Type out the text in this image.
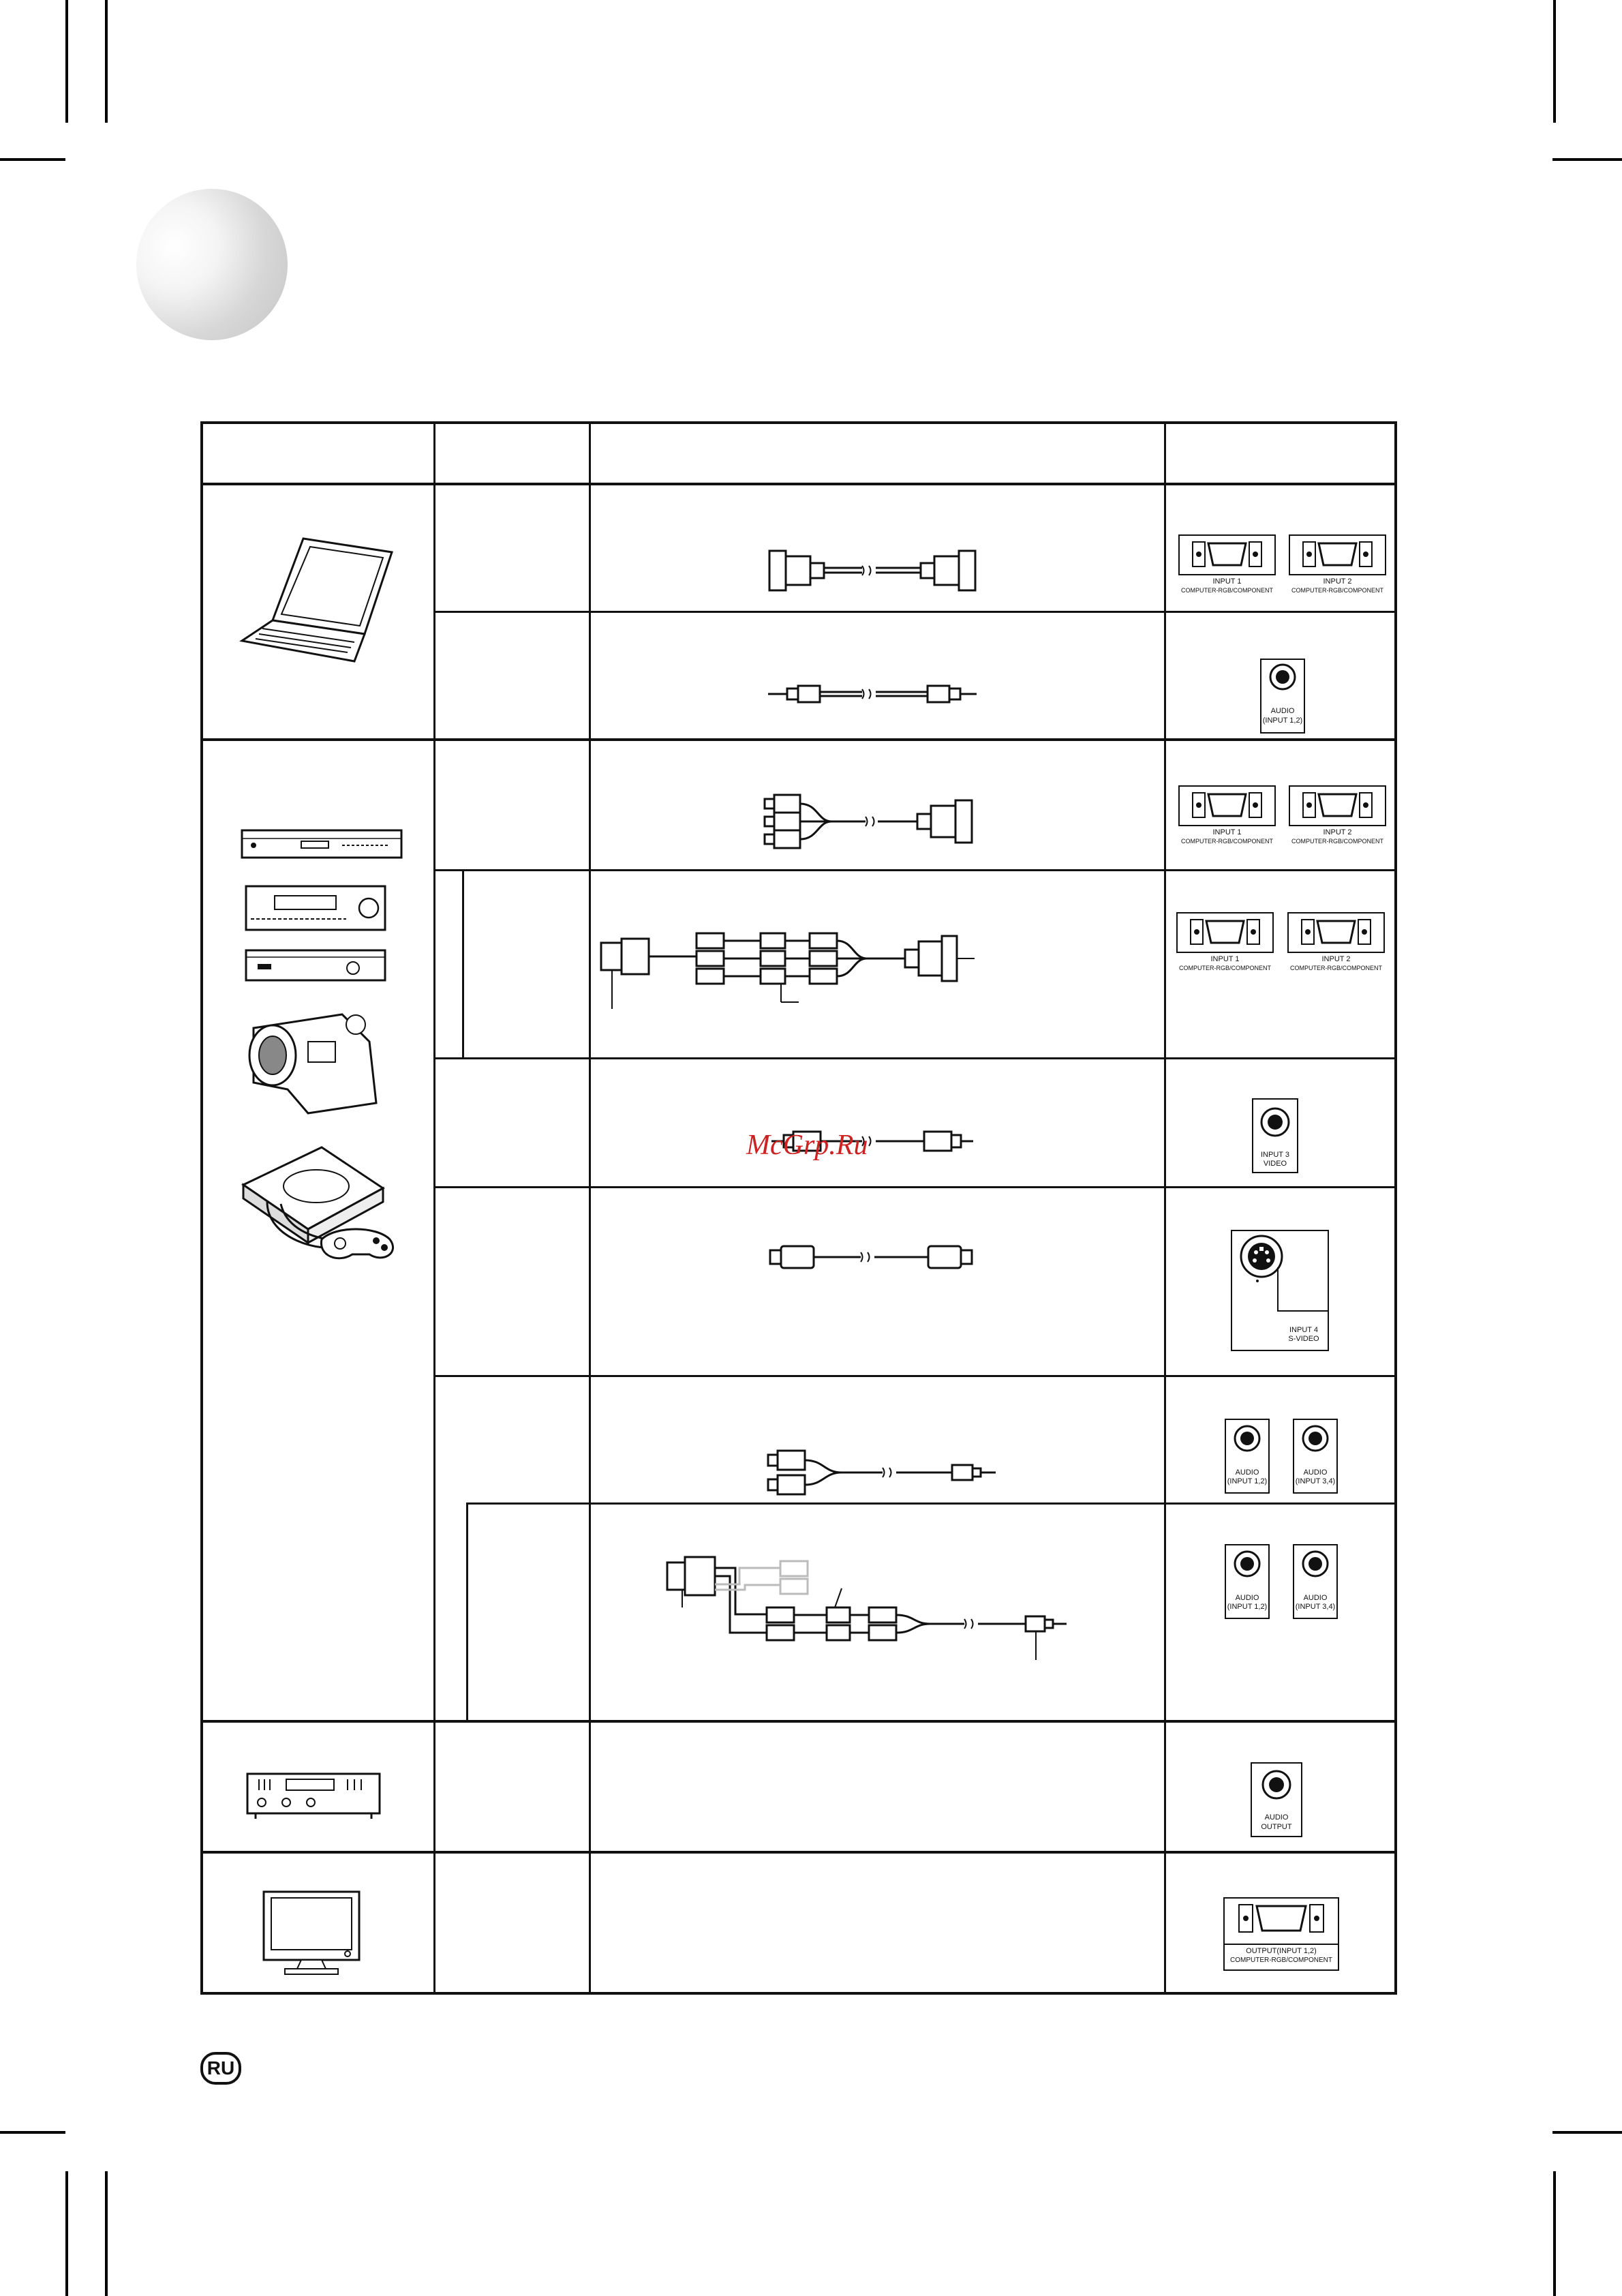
INPUT 1
COMPUTER-RGB/COMPONENT
INPUT 2
COMPUTER-RGB/COMPONENT
AUDIO
(INPUT 1,2)
INPUT 1
COMPUTER-RGB/COMPONENT
INPUT 2
COMPUTER-RGB/COMPONENT
INPUT 1
COMPUTER-RGB/COMPONENT
INPUT 2
COMPUTER-RGB/COMPONENT
INPUT 3
VIDEO
INPUT 4
S-VIDEO
AUDIO
(INPUT 1,2)
AUDIO
(INPUT 3,4)
AUDIO
(INPUT 1,2)
AUDIO
(INPUT 3,4)
AUDIO
OUTPUT
OUTPUT(INPUT 1,2)
COMPUTER-RGB/COMPONENT
McGrp.Ru
RU
